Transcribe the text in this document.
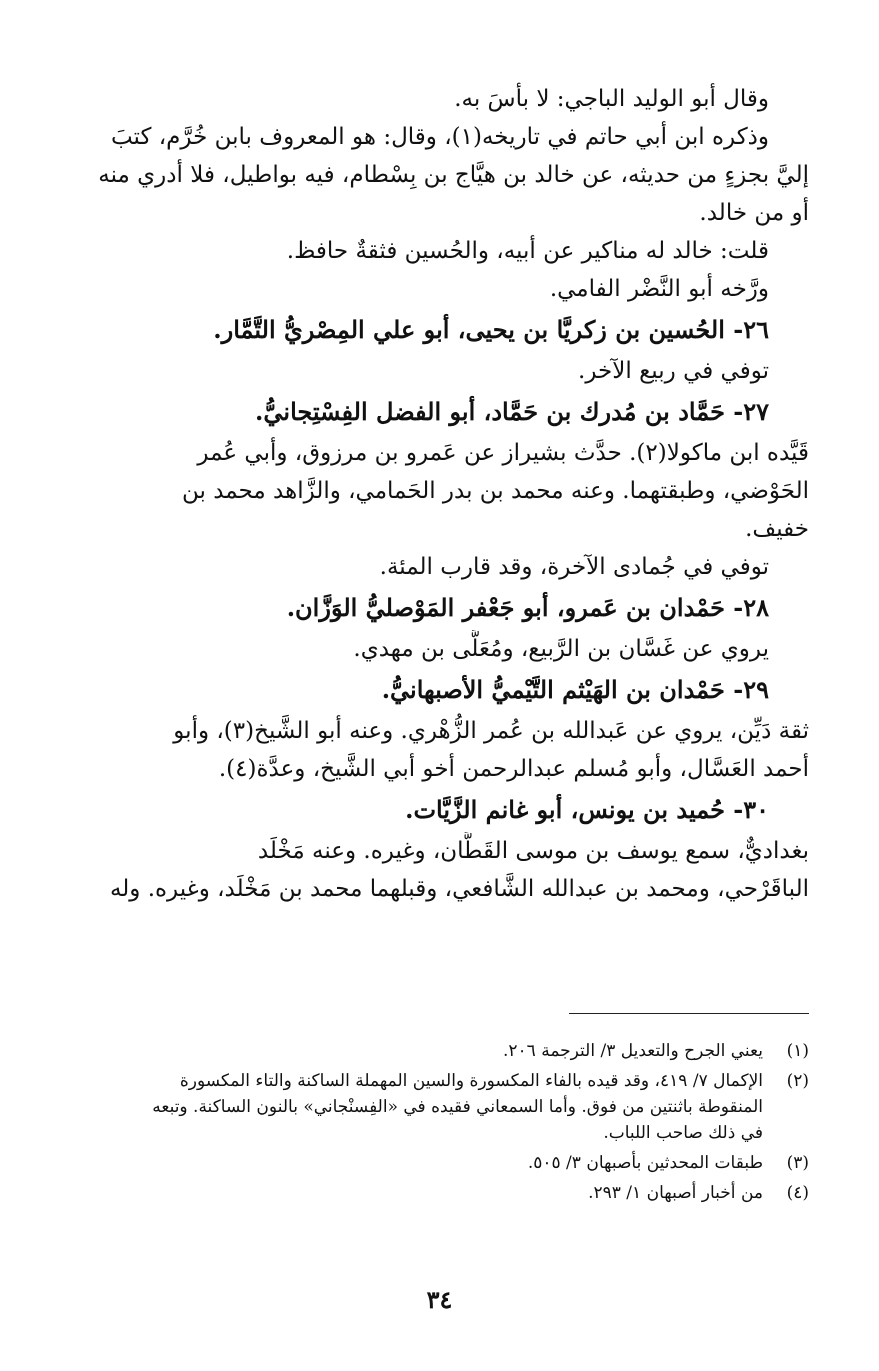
وقال أبو الوليد الباجي: لا بأسَ به.
وذكره ابن أبي حاتم في تاريخه(١)، وقال: هو المعروف بابن خُرَّم، كتبَ
إليَّ بجزءٍ من حديثه، عن خالد بن هيَّاج بن بِسْطام، فيه بواطيل، فلا أدري منه
أو من خالد.
قلت: خالد له مناكير عن أبيه، والحُسين فثقةٌ حافظ.
ورَّخه أبو النَّضْر الفامي.
٢٦- الحُسين بن زكريَّا بن يحيى، أبو علي المِصْريُّ التَّمَّار.
توفي في ربيع الآخر.
٢٧- حَمَّاد بن مُدرك بن حَمَّاد، أبو الفضل الفِسْتِجانيُّ.
قَيَّده ابن ماكولا(٢). حدَّث بشيراز عن عَمرو بن مرزوق، وأبي عُمر
الحَوْضي، وطبقتهما. وعنه محمد بن بدر الحَمامي، والزَّاهد محمد بن
خفيف.
توفي في جُمادى الآخرة، وقد قارب المئة.
٢٨- حَمْدان بن عَمرو، أبو جَعْفر المَوْصليُّ الوَزَّان.
يروي عن غَسَّان بن الرَّبيع، ومُعَلَّى بن مهدي.
٢٩- حَمْدان بن الهَيْثم التَّيْميُّ الأصبهانيُّ.
ثقة دَيِّن، يروي عن عَبدالله بن عُمر الزُّهْري. وعنه أبو الشَّيخ(٣)، وأبو
أحمد العَسَّال، وأبو مُسلم عبدالرحمن أخو أبي الشَّيخ، وعدَّة(٤).
٣٠- حُميد بن يونس، أبو غانم الزَّيَّات.
بغداديٌّ، سمع يوسف بن موسى القَطَّان، وغيره. وعنه مَخْلَد
الباقَرْحي، ومحمد بن عبدالله الشَّافعي، وقبلهما محمد بن مَخْلَد، وغيره. وله
(١)
يعني الجرح والتعديل ٣/ الترجمة ٢٠٦.
(٢)
الإكمال ٧/ ٤١٩، وقد قيده بالفاء المكسورة والسين المهملة الساكنة والتاء المكسورة
المنقوطة باثنتين من فوق. وأما السمعاني فقيده في «الفِسنْجاني» بالنون الساكنة. وتبعه
في ذلك صاحب اللباب.
(٣)
طبقات المحدثين بأصبهان ٣/ ٥٠٥.
(٤)
من أخبار أصبهان ١/ ٢٩٣.
٣٤
